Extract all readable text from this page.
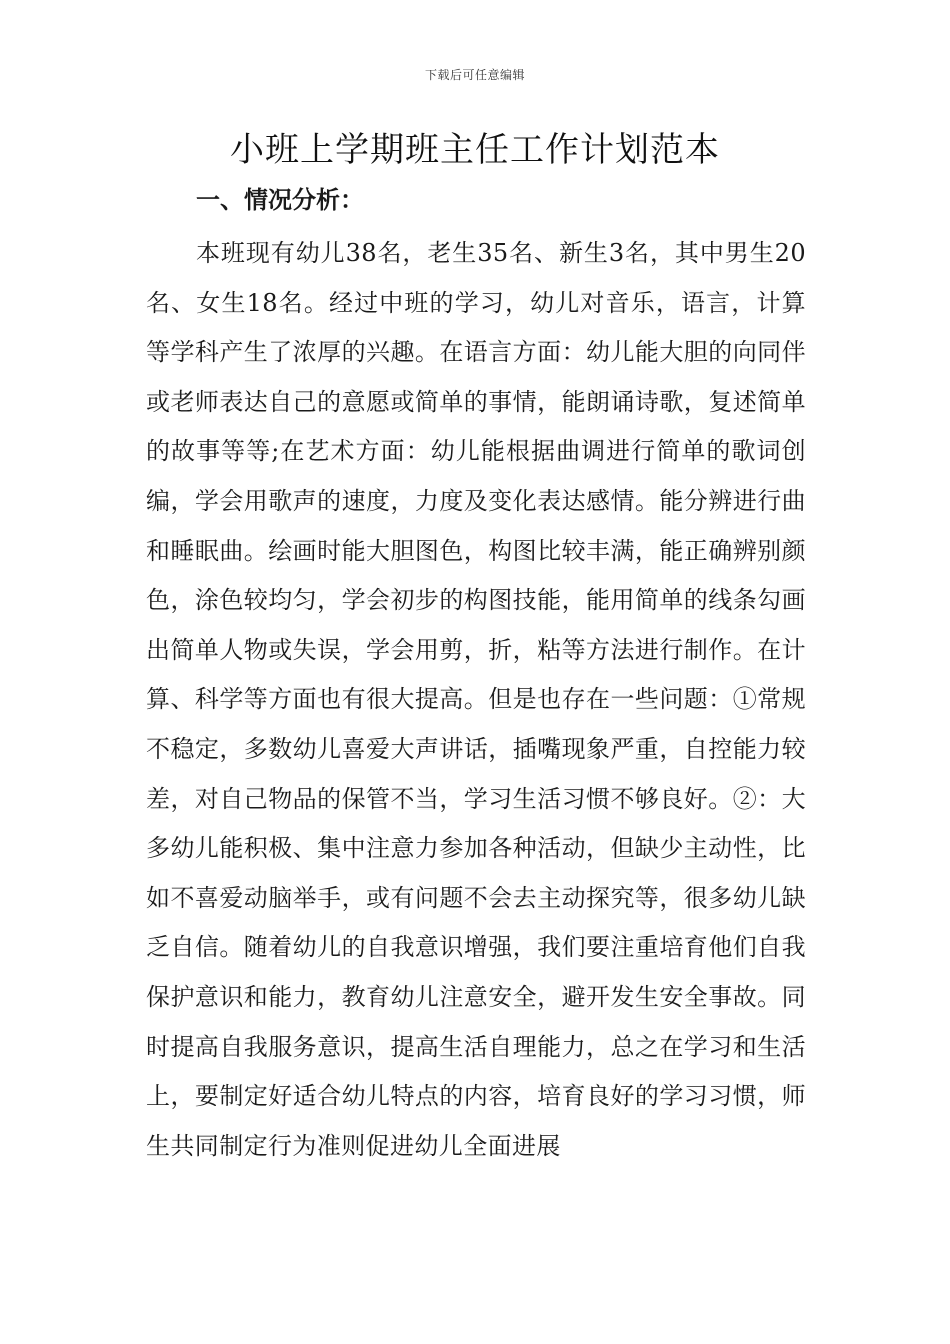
下载后可任意编辑
小班上学期班主任工作计划范本
一、情况分析：

本班现有幼儿38名，老生35名、新生3名，其中男生20名、女生18名。经过中班的学习，幼儿对音乐，语言，计算等学科产生了浓厚的兴趣。在语言方面：幼儿能大胆的向同伴或老师表达自己的意愿或简单的事情，能朗诵诗歌，复述简单的故事等等;在艺术方面：幼儿能根据曲调进行简单的歌词创编，学会用歌声的速度，力度及变化表达感情。能分辨进行曲和睡眠曲。绘画时能大胆图色，构图比较丰满，能正确辨别颜色，涂色较均匀，学会初步的构图技能，能用简单的线条勾画出简单人物或失误，学会用剪，折，粘等方法进行制作。在计算、科学等方面也有很大提高。但是也存在一些问题：①常规不稳定，多数幼儿喜爱大声讲话，插嘴现象严重，自控能力较差，对自己物品的保管不当，学习生活习惯不够良好。②：大多幼儿能积极、集中注意力参加各种活动，但缺少主动性，比如不喜爱动脑举手，或有问题不会去主动探究等，很多幼儿缺乏自信。随着幼儿的自我意识增强，我们要注重培育他们自我保护意识和能力，教育幼儿注意安全，避开发生安全事故。同时提高自我服务意识，提高生活自理能力，总之在学习和生活上，要制定好适合幼儿特点的内容，培育良好的学习习惯，师生共同制定行为准则促进幼儿全面进展
